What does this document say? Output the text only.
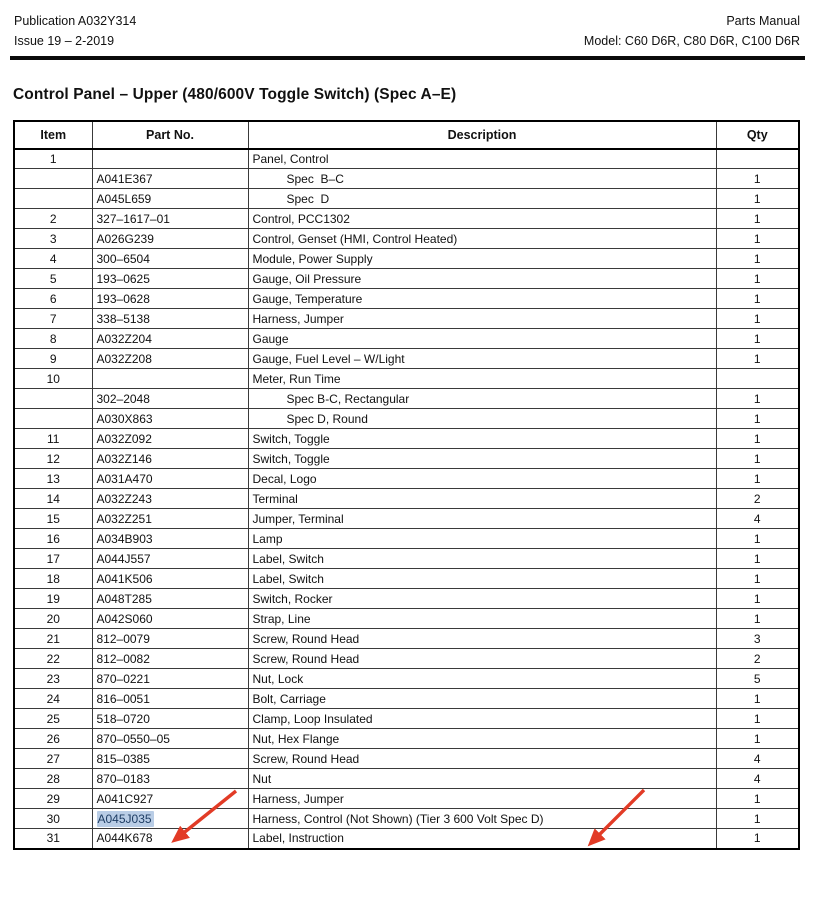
Publication A032Y314
Issue 19 – 2-2019
Parts Manual
Model: C60 D6R, C80 D6R, C100 D6R
Control Panel – Upper (480/600V Toggle Switch) (Spec A–E)
Item	Part No.	Description	Qty
1		Panel, Control	
	A041E367	Spec  B–C	1
	A045L659	Spec  D	1
2	327–1617–01	Control, PCC1302	1
3	A026G239	Control, Genset (HMI, Control Heated)	1
4	300–6504	Module, Power Supply	1
5	193–0625	Gauge, Oil Pressure	1
6	193–0628	Gauge, Temperature	1
7	338–5138	Harness, Jumper	1
8	A032Z204	Gauge	1
9	A032Z208	Gauge, Fuel Level – W/Light	1
10		Meter, Run Time	
	302–2048	Spec B-C, Rectangular	1
	A030X863	Spec D, Round	1
11	A032Z092	Switch, Toggle	1
12	A032Z146	Switch, Toggle	1
13	A031A470	Decal, Logo	1
14	A032Z243	Terminal	2
15	A032Z251	Jumper, Terminal	4
16	A034B903	Lamp	1
17	A044J557	Label, Switch	1
18	A041K506	Label, Switch	1
19	A048T285	Switch, Rocker	1
20	A042S060	Strap, Line	1
21	812–0079	Screw, Round Head	3
22	812–0082	Screw, Round Head	2
23	870–0221	Nut, Lock	5
24	816–0051	Bolt, Carriage	1
25	518–0720	Clamp, Loop Insulated	1
26	870–0550–05	Nut, Hex Flange	1
27	815–0385	Screw, Round Head	4
28	870–0183	Nut	4
29	A041C927	Harness, Jumper	1
30	A045J035	Harness, Control (Not Shown) (Tier 3 600 Volt Spec D)	1
31	A044K678	Label, Instruction	1
